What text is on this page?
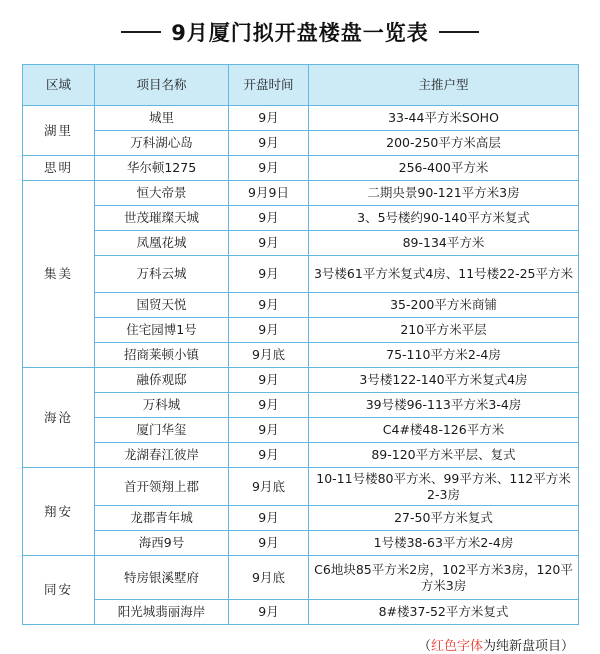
9月厦门拟开盘楼盘一览表
区域	项目名称	开盘时间	主推户型
湖里	城里	9月	33-44平方米SOHO
	万科湖心岛	9月	200-250平方米高层
思明	华尔顿1275	9月	256-400平方米
集美	恒大帝景	9月9日	二期央景90-121平方米3房
	世茂璀璨天城	9月	3、5号楼约90-140平方米复式
	凤凰花城	9月	89-134平方米
	万科云城	9月	3号楼61平方米复式4房、11号楼22-25平方米
	国贸天悦	9月	35-200平方米商铺
	住宅园博1号	9月	210平方米平层
	招商莱顿小镇	9月底	75-110平方米2-4房
海沧	融侨观邸	9月	3号楼122-140平方米复式4房
	万科城	9月	39号楼96-113平方米3-4房
	厦门华玺	9月	C4#楼48-126平方米
	龙湖春江彼岸	9月	89-120平方米平层、复式
翔安	首开领翔上郡	9月底	10-11号楼80平方米、99平方米、112平方米2-3房
	龙郡青年城	9月	27-50平方米复式
	海西9号	9月	1号楼38-63平方米2-4房
同安	特房银溪墅府	9月底	C6地块85平方米2房，102平方米3房，120平方米3房
	阳光城翡丽海岸	9月	8#楼37-52平方米复式
（红色字体为纯新盘项目）
